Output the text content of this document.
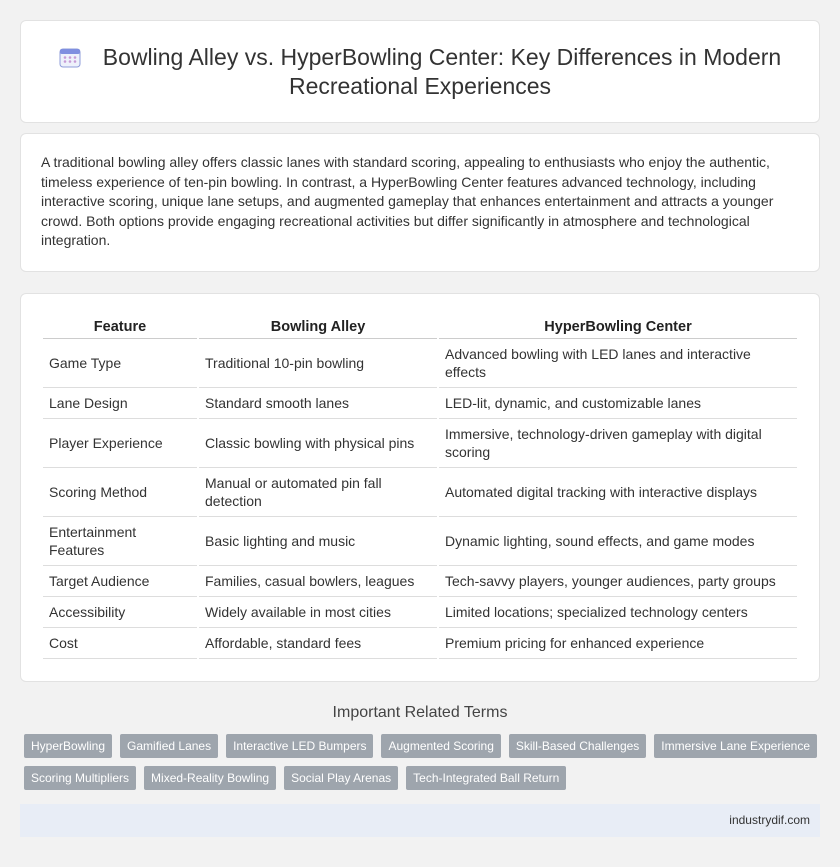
Bowling Alley vs. HyperBowling Center: Key Differences in Modern Recreational Experiences

A traditional bowling alley offers classic lanes with standard scoring, appealing to enthusiasts who enjoy the authentic, timeless experience of ten-pin bowling. In contrast, a HyperBowling Center features advanced technology, including interactive scoring, unique lane setups, and augmented gameplay that enhances entertainment and attracts a younger crowd. Both options provide engaging recreational activities but differ significantly in atmosphere and technological integration.

Feature	Bowling Alley	HyperBowling Center
Game Type	Traditional 10-pin bowling	Advanced bowling with LED lanes and interactive effects
Lane Design	Standard smooth lanes	LED-lit, dynamic, and customizable lanes
Player Experience	Classic bowling with physical pins	Immersive, technology-driven gameplay with digital scoring
Scoring Method	Manual or automated pin fall detection	Automated digital tracking with interactive displays
Entertainment Features	Basic lighting and music	Dynamic lighting, sound effects, and game modes
Target Audience	Families, casual bowlers, leagues	Tech-savvy players, younger audiences, party groups
Accessibility	Widely available in most cities	Limited locations; specialized technology centers
Cost	Affordable, standard fees	Premium pricing for enhanced experience
Important Related Terms
HyperBowling	Gamified Lanes	Interactive LED Bumpers	Augmented Scoring	Skill-Based Challenges	Immersive Lane Experience
Scoring Multipliers	Mixed-Reality Bowling	Social Play Arenas	Tech-Integrated Ball Return
industrydif.com
